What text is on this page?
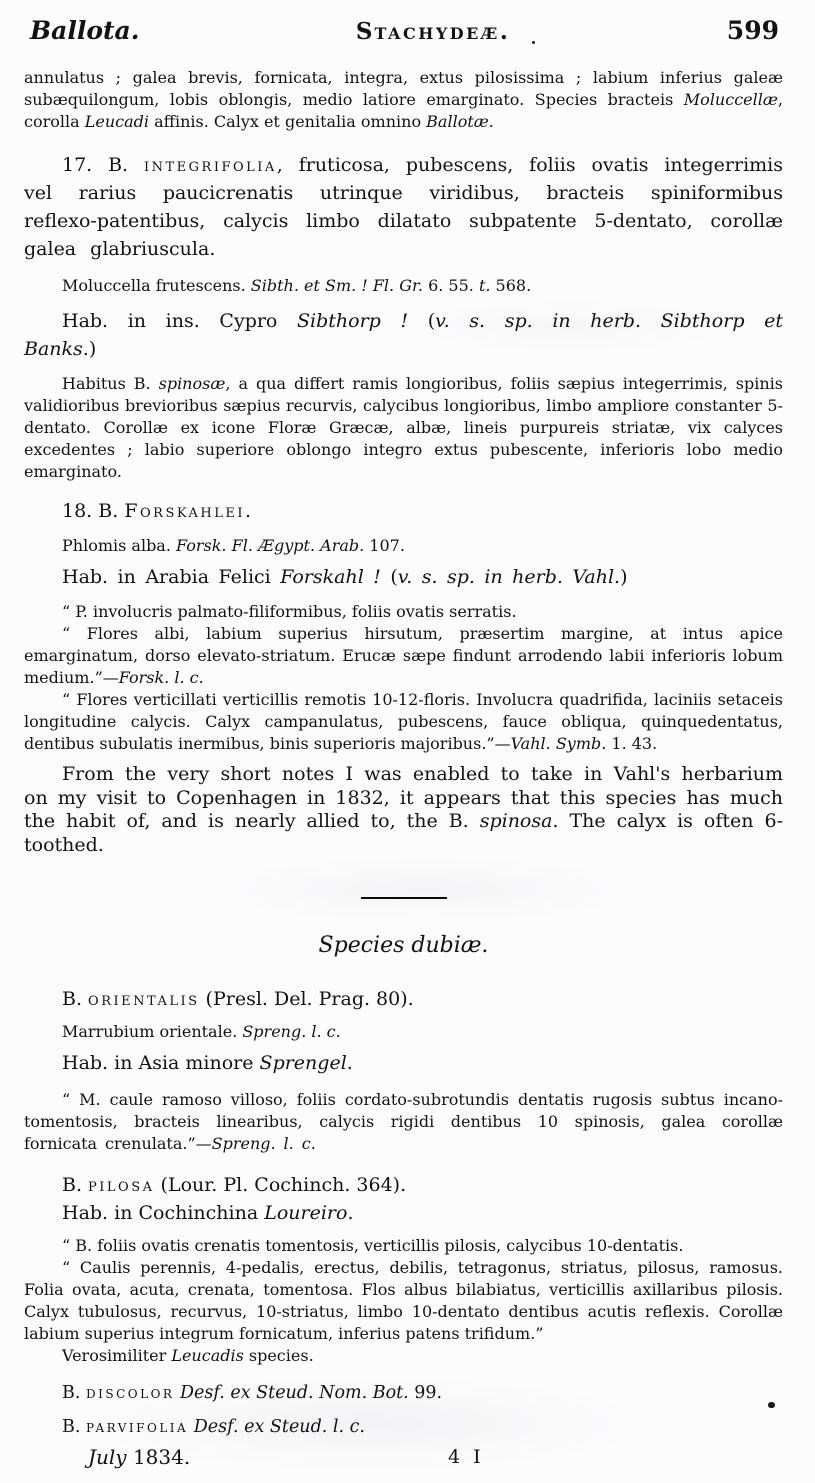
Ballota.	Stachydeæ.	599

annulatus ; galea brevis, fornicata, integra, extus pilosissima ; labium inferius galeæ subæquilongum, lobis oblongis, medio latiore emarginato. Species bracteis Moluccellæ, corolla Leucadi affinis. Calyx et genitalia omnino Ballotæ.

17. B. integrifolia, fruticosa, pubescens, foliis ovatis integerrimis vel rarius paucicrenatis utrinque viridibus, bracteis spiniformibus reflexo-patentibus, calycis limbo dilatato subpatente 5-dentato, corollæ galea glabriuscula.

Moluccella frutescens. Sibth. et Sm. ! Fl. Gr. 6. 55. t. 568.

Hab. in ins. Cypro Sibthorp ! (v. s. sp. in herb. Sibthorp et Banks.)

Habitus B. spinosæ, a qua differt ramis longioribus, foliis sæpius integerrimis, spinis validioribus brevioribus sæpius recurvis, calycibus longioribus, limbo ampliore constanter 5-dentato. Corollæ ex icone Floræ Græcæ, albæ, lineis purpureis striatæ, vix calyces excedentes ; labio superiore oblongo integro extus pubescente, inferioris lobo medio emarginato.

18. B. Forskahlei.

Phlomis alba. Forsk. Fl. Ægypt. Arab. 107.

Hab. in Arabia Felici Forskahl ! (v. s. sp. in herb. Vahl.)

“ P. involucris palmato-filiformibus, foliis ovatis serratis.

“ Flores albi, labium superius hirsutum, præsertim margine, at intus apice emarginatum, dorso elevato-striatum. Erucæ sæpe findunt arrodendo labii inferioris lobum medium.”—Forsk. l. c.

“ Flores verticillati verticillis remotis 10-12-floris. Involucra quadrifida, laciniis setaceis longitudine calycis. Calyx campanulatus, pubescens, fauce obliqua, quinquedentatus, dentibus subulatis inermibus, binis superioris majoribus.”—Vahl. Symb. 1. 43.

From the very short notes I was enabled to take in Vahl's herbarium on my visit to Copenhagen in 1832, it appears that this species has much the habit of, and is nearly allied to, the B. spinosa. The calyx is often 6-toothed.

Species dubiæ.

B. orientalis (Presl. Del. Prag. 80).

Marrubium orientale. Spreng. l. c.

Hab. in Asia minore Sprengel.

“ M. caule ramoso villoso, foliis cordato-subrotundis dentatis rugosis subtus incano-tomentosis, bracteis linearibus, calycis rigidi dentibus 10 spinosis, galea corollæ fornicata crenulata.”—Spreng. l. c.

B. pilosa (Lour. Pl. Cochinch. 364).

Hab. in Cochinchina Loureiro.

“ B. foliis ovatis crenatis tomentosis, verticillis pilosis, calycibus 10-dentatis.

“ Caulis perennis, 4-pedalis, erectus, debilis, tetragonus, striatus, pilosus, ramosus. Folia ovata, acuta, crenata, tomentosa. Flos albus bilabiatus, verticillis axillaribus pilosis. Calyx tubulosus, recurvus, 10-striatus, limbo 10-dentato dentibus acutis reflexis. Corollæ labium superius integrum fornicatum, inferius patens trifidum.”

Verosimiliter Leucadis species.

B. discolor Desf. ex Steud. Nom. Bot. 99.

B. parvifolia Desf. ex Steud. l. c.

July 1834.	4 I
